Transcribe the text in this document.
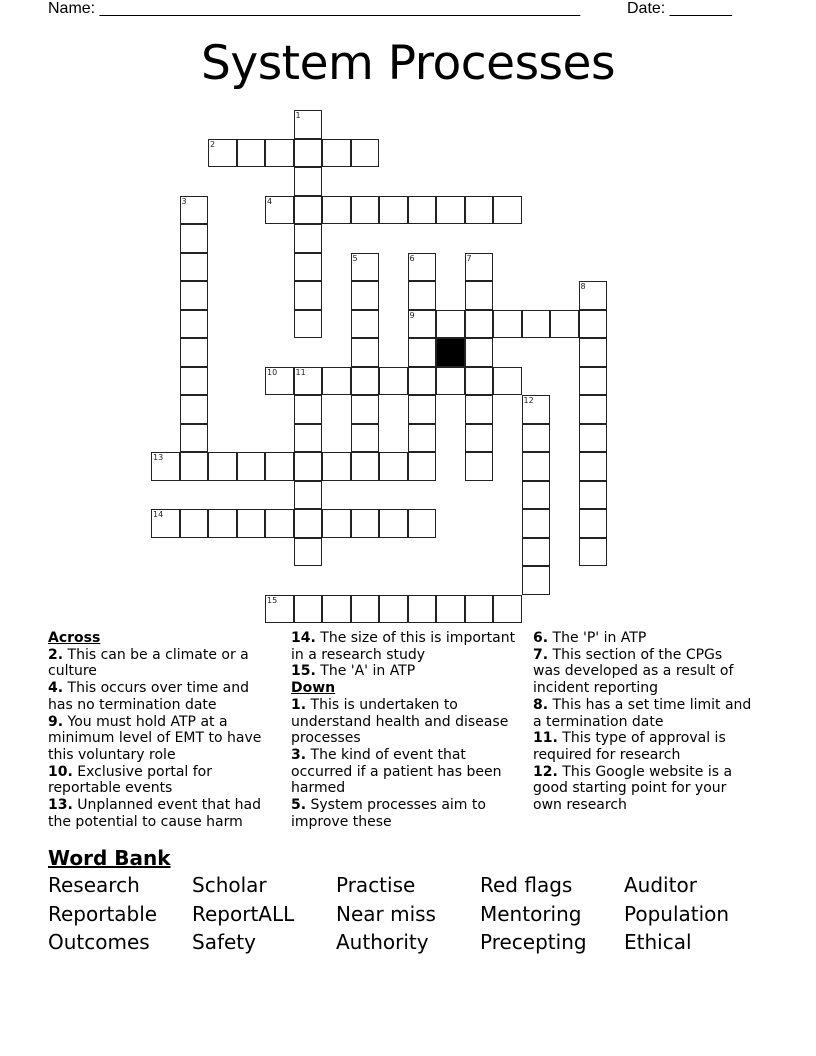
Name: ______________________________________________________	Date: _______
System Processes
1
2
3	4
5	6
9
7
8
10 11
12
13
14
15
Across
2. This can be a climate or a culture
4. This occurs over time and has no termination date
9. You must hold ATP at a minimum level of EMT to have this voluntary role
10. Exclusive portal for reportable events
13. Unplanned event that had the potential to cause harm
14. The size of this is important in a research study
15. The 'A' in ATP
Down
1. This is undertaken to understand health and disease processes
3. The kind of event that occurred if a patient has been harmed
5. System processes aim to improve these
6. The 'P' in ATP
7. This section of the CPGs was developed as a result of incident reporting
8. This has a set time limit and a termination date
11. This type of approval is required for research
12. This Google website is a good starting point for your own research
Word Bank
Research	Scholar	Practise	Red flags	Auditor
Reportable	ReportALL	Near miss	Mentoring	Population
Outcomes	Safety	Authority	Precepting	Ethical
